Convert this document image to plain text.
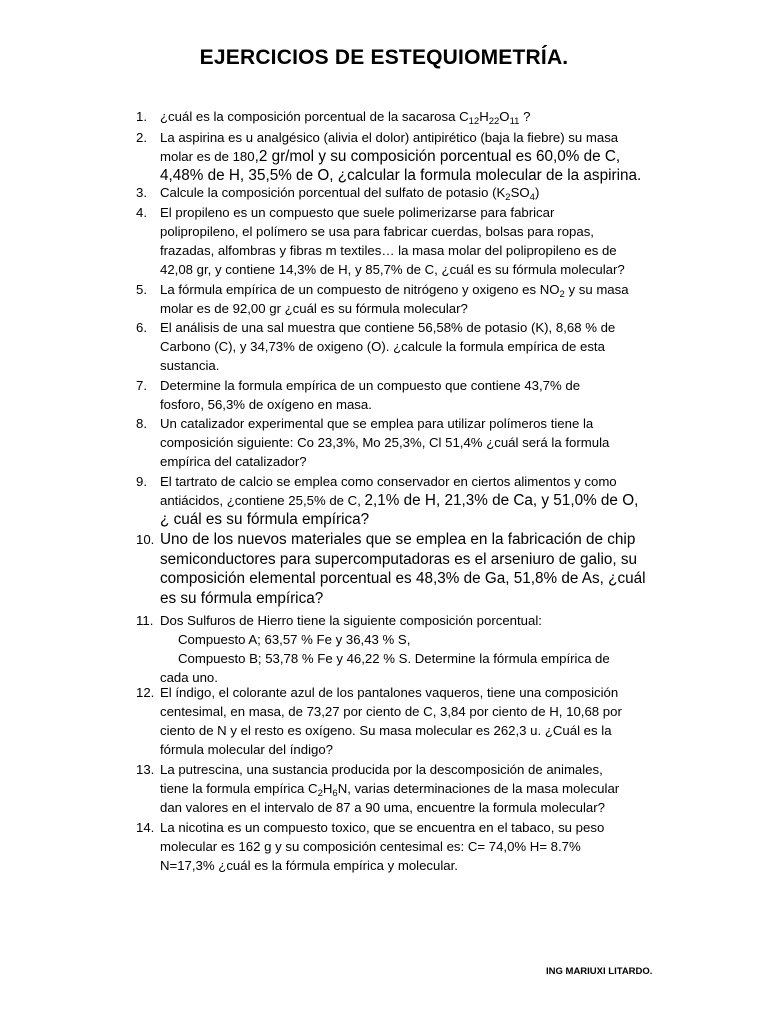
EJERCICIOS DE ESTEQUIOMETRÍA.
1. ¿cuál es la composición porcentual de la sacarosa $C_{12}H_{22}O_{11}$ ?
2. La aspirina es u analgésico (alivia el dolor) antipirético (baja la fiebre) su masa
molar es de 180,2 gr/mol y su composición porcentual es 60,0% de C,
4,48% de H, 35,5% de O, ¿calcular la formula molecular de la aspirina.
3. Calcule la composición porcentual del sulfato de potasio $(K_2SO_4)$
4. El propileno es un compuesto que suele polimerizarse para fabricar
polipropileno, el polímero se usa para fabricar cuerdas, bolsas para ropas,
frazadas, alfombras y fibras m textiles… la masa molar del polipropileno es de
42,08 gr, y contiene 14,3% de H, y 85,7% de C, ¿cuál es su fórmula molecular?
5. La fórmula empírica de un compuesto de nitrógeno y oxigeno es $NO_2$ y su masa
molar es de 92,00 gr ¿cuál es su fórmula molecular?
6. El análisis de una sal muestra que contiene 56,58% de potasio (K), 8,68 % de
Carbono (C), y 34,73% de oxigeno (O). ¿calcule la formula empírica de esta
sustancia.
7. Determine la formula empírica de un compuesto que contiene 43,7% de
fosforo, 56,3% de oxígeno en masa.
8. Un catalizador experimental que se emplea para utilizar polímeros tiene la
composición siguiente: Co 23,3%, Mo 25,3%, Cl 51,4% ¿cuál será la formula
empírica del catalizador?
9. El tartrato de calcio se emplea como conservador en ciertos alimentos y como
antiácidos, ¿contiene 25,5% de C, 2,1% de H, 21,3% de Ca, y 51,0% de O,
¿ cuál es su fórmula empírica?
10. Uno de los nuevos materiales que se emplea en la fabricación de chip
semiconductores para supercomputadoras es el arseniuro de galio, su
composición elemental porcentual es 48,3% de Ga, 51,8% de As, ¿cuál
es su fórmula empírica?
11. Dos Sulfuros de Hierro tiene la siguiente composición porcentual:
Compuesto A; 63,57 % Fe y 36,43 % S,
Compuesto B; 53,78 % Fe y 46,22 % S. Determine la fórmula empírica de
cada uno.
12. El índigo, el colorante azul de los pantalones vaqueros, tiene una composición
centesimal, en masa, de 73,27 por ciento de C, 3,84 por ciento de H, 10,68 por
ciento de N y el resto es oxígeno. Su masa molecular es 262,3 u. ¿Cuál es la
fórmula molecular del índigo?
13. La putrescina, una sustancia producida por la descomposición de animales,
tiene la formula empírica $C_2H_6N$, varias determinaciones de la masa molecular
dan valores en el intervalo de 87 a 90 uma, encuentre la formula molecular?
14. La nicotina es un compuesto toxico, que se encuentra en el tabaco, su peso
molecular es 162 g y su composición centesimal es: C= 74,0% H= 8.7%
N=17,3% ¿cuál es la fórmula empírica y molecular.
ING MARIUXI LITARDO.
